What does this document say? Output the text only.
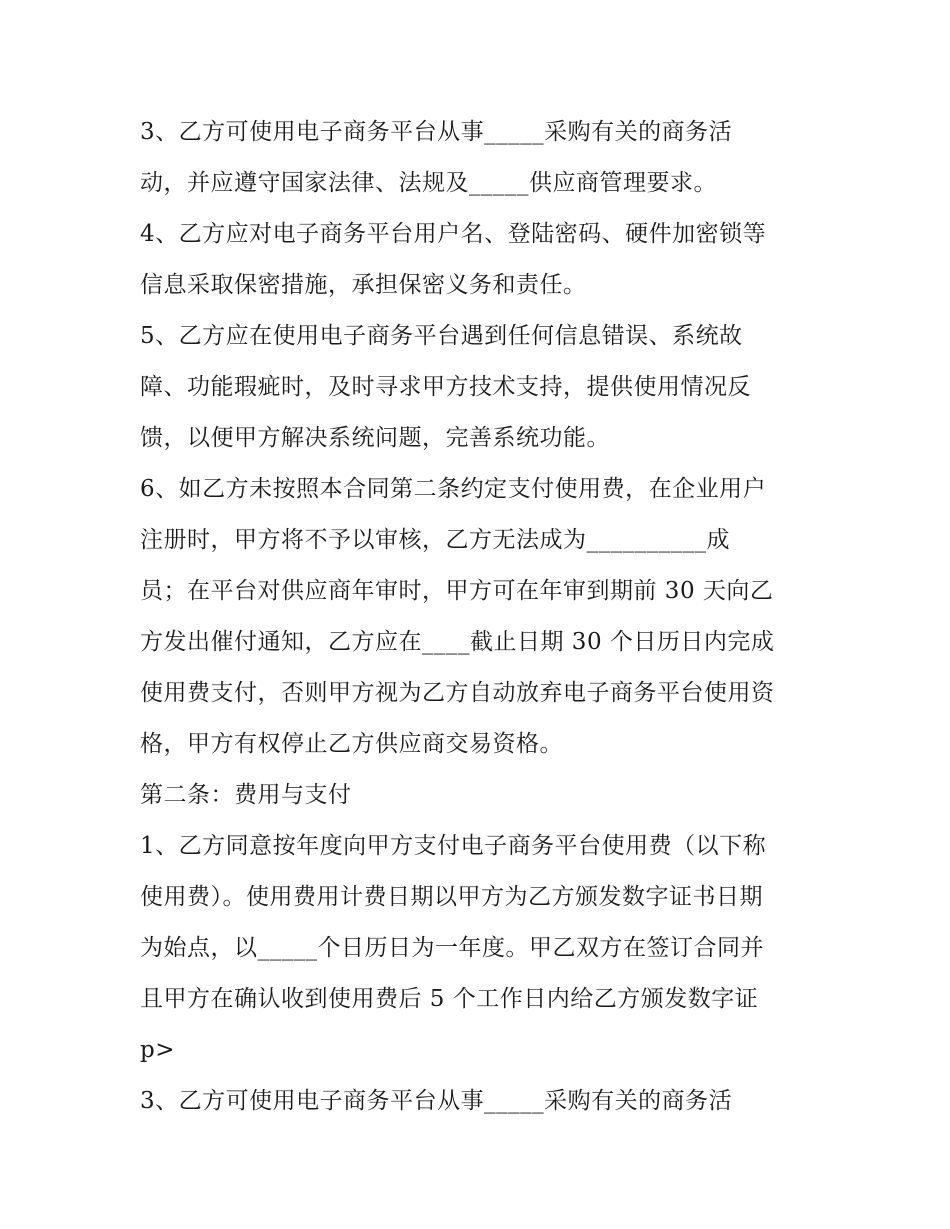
3、乙方可使用电子商务平台从事_____采购有关的商务活
动，并应遵守国家法律、法规及_____供应商管理要求。
4、乙方应对电子商务平台用户名、登陆密码、硬件加密锁等
信息采取保密措施，承担保密义务和责任。
5、乙方应在使用电子商务平台遇到任何信息错误、系统故
障、功能瑕疵时，及时寻求甲方技术支持，提供使用情况反
馈，以便甲方解决系统问题，完善系统功能。
6、如乙方未按照本合同第二条约定支付使用费，在企业用户
注册时，甲方将不予以审核，乙方无法成为__________成
员；在平台对供应商年审时，甲方可在年审到期前 30 天向乙
方发出催付通知，乙方应在____截止日期 30 个日历日内完成
使用费支付，否则甲方视为乙方自动放弃电子商务平台使用资
格，甲方有权停止乙方供应商交易资格。
第二条：费用与支付
1、乙方同意按年度向甲方支付电子商务平台使用费（以下称
使用费）。使用费用计费日期以甲方为乙方颁发数字证书日期
为始点，以_____个日历日为一年度。甲乙双方在签订合同并
且甲方在确认收到使用费后 5 个工作日内给乙方颁发数字证
p>
3、乙方可使用电子商务平台从事_____采购有关的商务活
